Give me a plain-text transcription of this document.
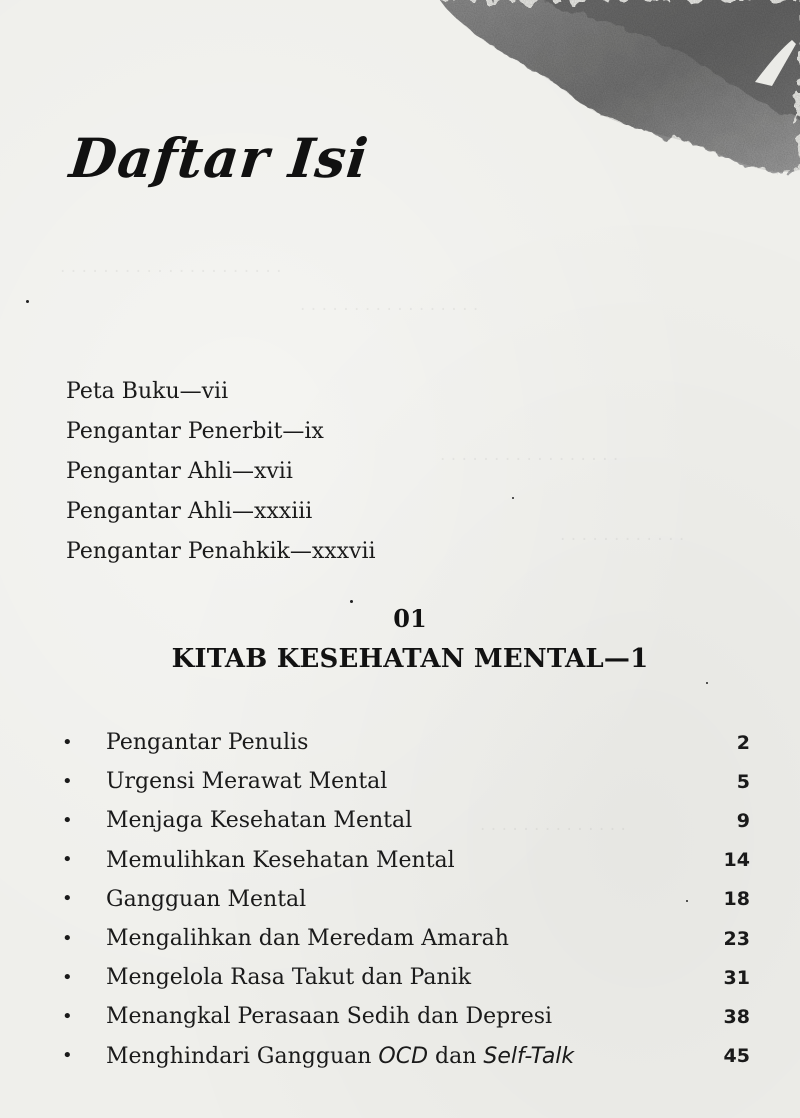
· · · · · · · · · · · · · · · · · · · · ·
· · · · · · · · · · · · · · · · ·
· · · · · · · · · · · · · · · · ·
· · · · · · · · · · · ·
· · · · · · · · · · · · · ·
Daftar Isi
Peta Buku—vii
Pengantar Penerbit—ix
Pengantar Ahli—xvii
Pengantar Ahli—xxxiii
Pengantar Penahkik—xxxvii
01
KITAB KESEHATAN MENTAL—1
•	Pengantar Penulis	2
•	Urgensi Merawat Mental	5
•	Menjaga Kesehatan Mental	9
•	Memulihkan Kesehatan Mental	14
•	Gangguan Mental	18
•	Mengalihkan dan Meredam Amarah	23
•	Mengelola Rasa Takut dan Panik	31
•	Menangkal Perasaan Sedih dan Depresi	38
•	Menghindari Gangguan OCD dan Self-Talk	45
